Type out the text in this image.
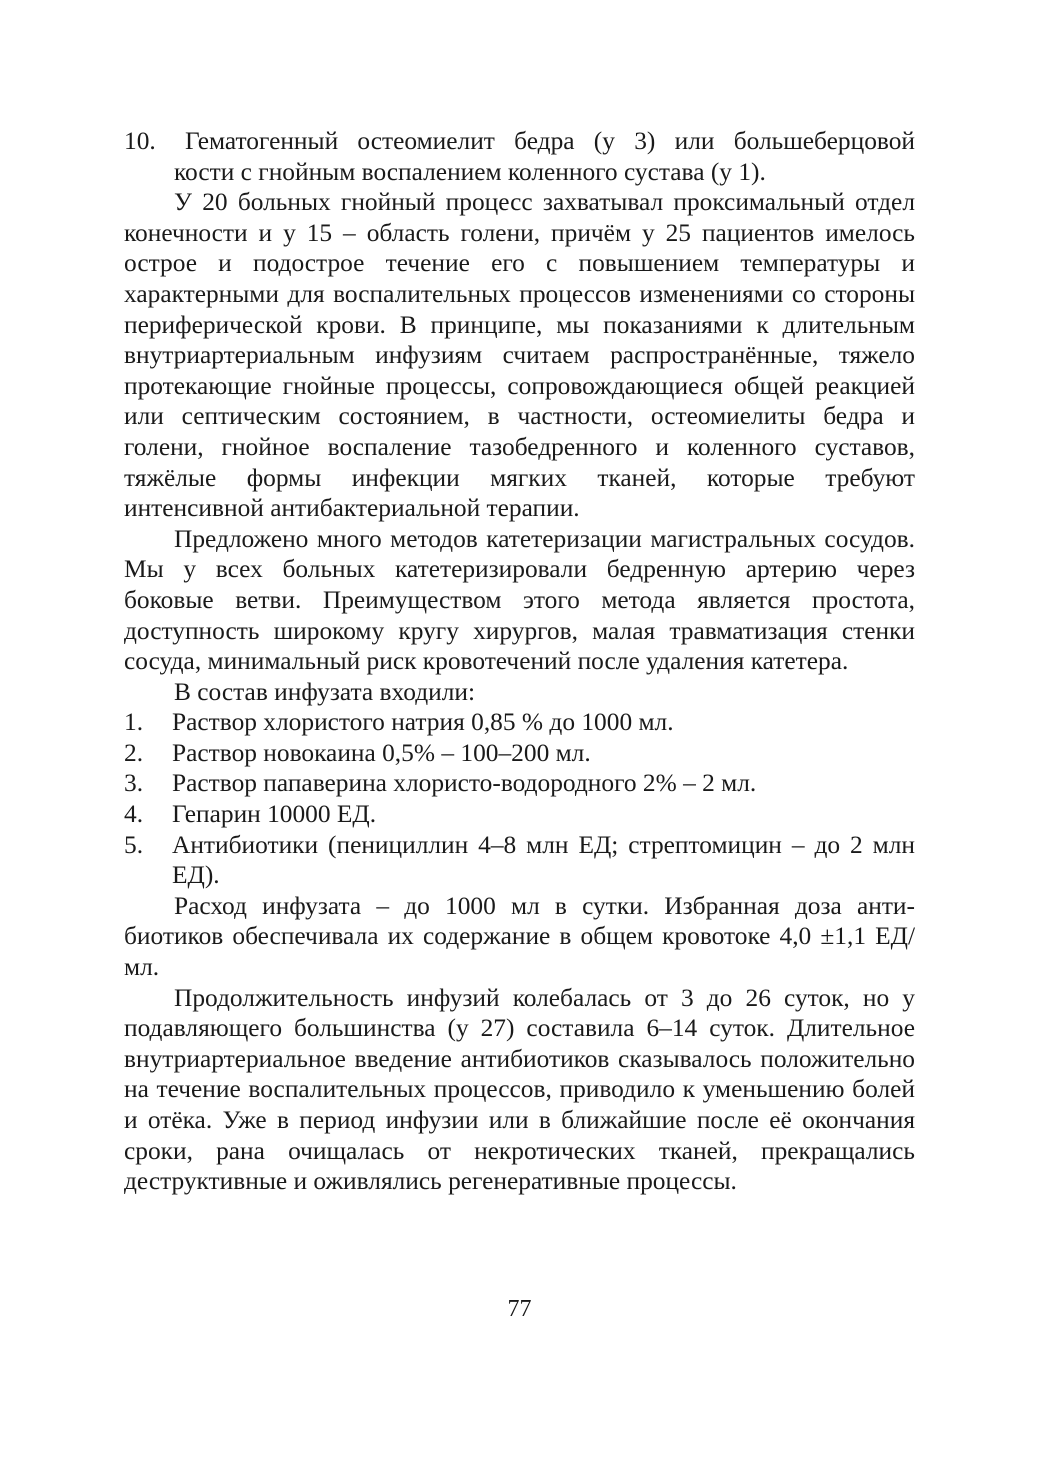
10. Гематогенный остеомиелит бедра (у 3) или большеберцовой
кости с гнойным воспалением коленного сустава (у 1).

У 20 больных гнойный процесс захватывал проксимальный отдел конечности и у 15 – область голени, причём у 25 пациентов имелось острое и подострое течение его с повышением температуры и характерными для воспалительных процессов изменениями со стороны периферической крови. В принципе, мы показаниями к длительным внутриартериальным инфузиям считаем распространённые, тяжело протекающие гнойные процессы, сопровождающиеся общей реакцией или септическим состоянием, в частности, остеомиелиты бедра и голени, гнойное воспаление тазобедренного и коленного суставов, тяжёлые формы инфекции мягких тканей, которые требуют интенсивной антибактериальной терапии.

Предложено много методов катетеризации магистральных сосудов. Мы у всех больных катетеризировали бедренную артерию через боковые ветви. Преимуществом этого метода является простота, доступность широкому кругу хирургов, малая травматизация стенки сосуда, минимальный риск кровотечений после удаления катетера.

В состав инфузата входили:

1.	Раствор хлористого натрия 0,85 % до 1000 мл.
2.	Раствор новокаина 0,5% – 100–200 мл.
3.	Раствор папаверина хлористо-водородного 2% – 2 мл.
4.	Гепарин 10000 ЕД.
5.	Антибиотики (пенициллин 4–8 млн ЕД; стрептомицин – до 2 млн ЕД).

Расход инфузата – до 1000 мл в сутки. Избранная доза антибиотиков обеспечивала их содержание в общем кровотоке 4,0 ±1,1 ЕД/мл.

Продолжительность инфузий колебалась от 3 до 26 суток, но у подавляющего большинства (у 27) составила 6–14 суток. Длительное внутриартериальное введение антибиотиков сказывалось положительно на течение воспалительных процессов, приводило к уменьшению болей и отёка. Уже в период инфузии или в ближайшие после её окончания сроки, рана очищалась от некротических тканей, прекращались деструктивные и оживлялись регенеративные процессы.

77
